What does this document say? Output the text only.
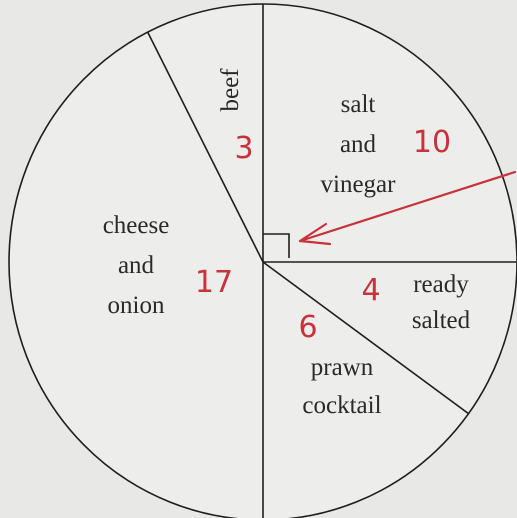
salt and vinegar
10
ready salted
4
prawn cocktail
6
cheese and onion
17
beef
3
